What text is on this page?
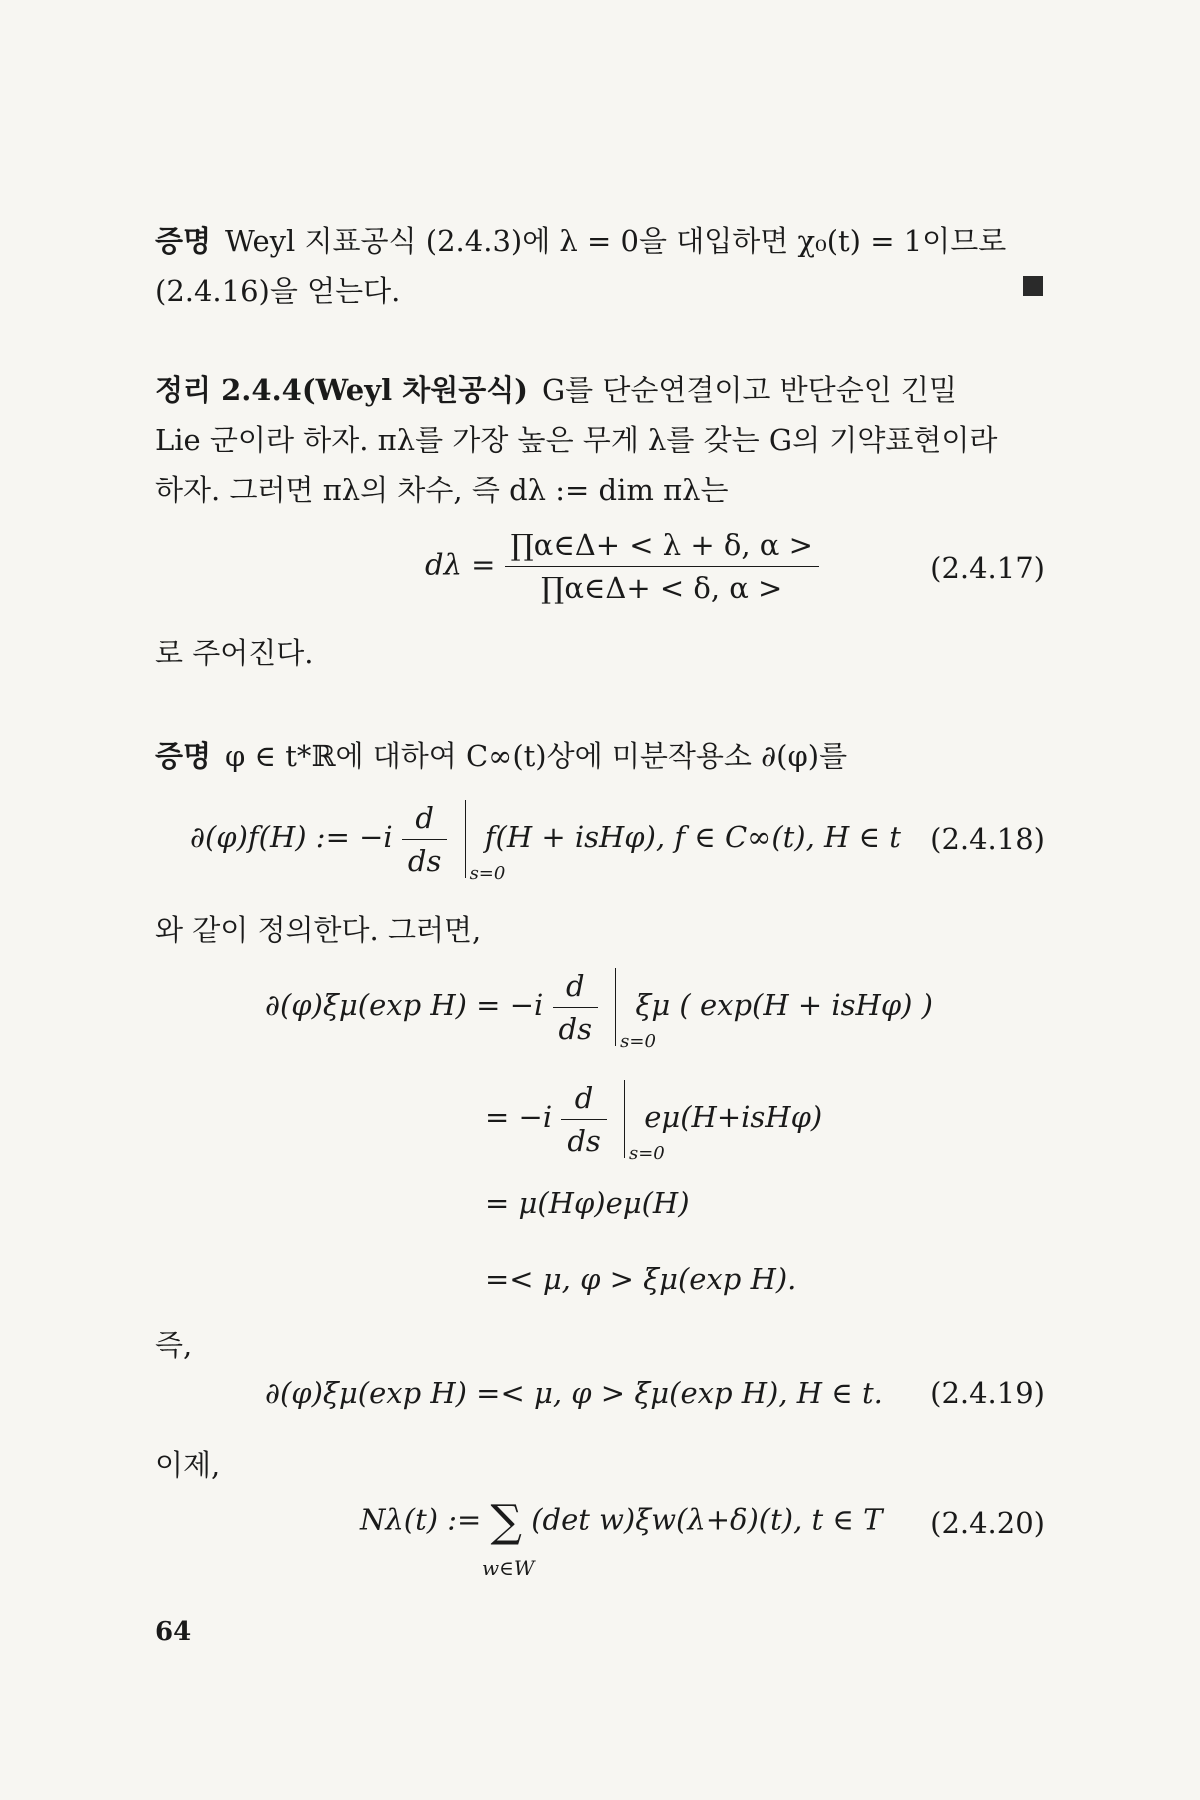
증명 Weyl 지표공식 (2.4.3)에 λ = 0을 대입하면 χ₀(t) = 1이므로
(2.4.16)을 얻는다.
정리 2.4.4(Weyl 차원공식) G를 단순연결이고 반단순인 긴밀
Lie 군이라 하자. πλ를 가장 높은 무게 λ를 갖는 G의 기약표현이라
하자. 그러면 πλ의 차수, 즉 dλ := dim πλ는
$d\lambda = \frac{\prod\alpha\in\Delta+ < \lambda + \delta, \alpha >}{\prod\alpha\in\Delta+ < \delta, \alpha >}$	(2.4.17)
로 주어진다.
증명 φ ∈ t*ℝ에 대하여 C∞(t)상에 미분작용소 ∂(φ)를
∂(φ)f(H) := $-i \frac{d}{ds}$
s=0
f(H + isHφ), f ∈ C∞(t), H ∈ t (2.4.18)
와 같이 정의한다. 그러면,
∂(φ)ξμ(exp $H) = -i \frac{d}{ds}$
s=0
ξμ ( exp(H + isHφ) )
= $-i \frac{d}{ds}$
s=0
eμ(H+isHφ)
= μ(Hφ)eμ(H)
=< μ, φ > ξμ(exp H).
즉,
∂(φ)ξμ(exp H) =< μ, φ > ξμ(exp H), H ∈ t. (2.4.19)
이제,
Nλ(t) := ∑ (det w)ξw(λ+δ)(t), t ∈ T
w∈W
(2.4.20)
64
